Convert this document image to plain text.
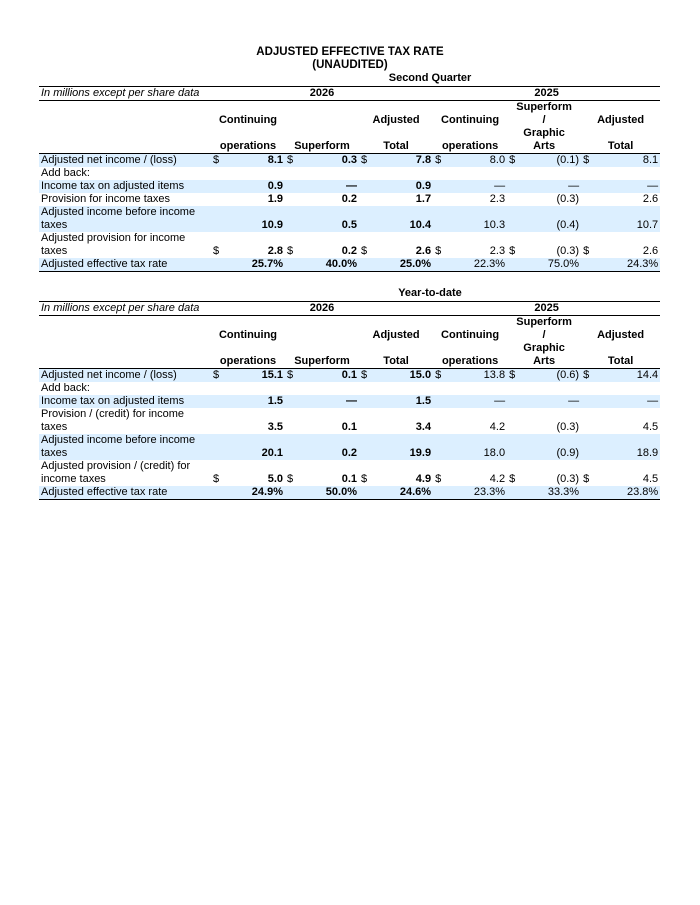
ADJUSTED EFFECTIVE TAX RATE
(UNAUDITED)
Second Quarter
In millions except per share data	2026						2025					
									Superform			
	Continuing				Adjusted		Continuing		/		Adjusted	
									Graphic			
	operations		Superform		Total		operations		Arts		Total	
Adjusted net income / (loss)	$	8.1	$	0.3	$	7.8	$	8.0	$	(0.1)	$	8.1
Add back:												
Income tax on adjusted items		0.9		—		0.9		—		—		—
Provision for income taxes		1.9		0.2		1.7		2.3		(0.3)		2.6
Adjusted income before income taxes		10.9		0.5		10.4		10.3		(0.4)		10.7
Adjusted provision for income taxes	$	2.8	$	0.2	$	2.6	$	2.3	$	(0.3)	$	2.6
Adjusted effective tax rate		25.7%		40.0%		25.0%		22.3%		75.0%		24.3%
Year-to-date
In millions except per share data	2026						2025					
									Superform			
	Continuing				Adjusted		Continuing		/		Adjusted	
									Graphic			
	operations		Superform		Total		operations		Arts		Total	
Adjusted net income / (loss)	$	15.1	$	0.1	$	15.0	$	13.8	$	(0.6)	$	14.4
Add back:												
Income tax on adjusted items		1.5		—		1.5		—		—		—
Provision / (credit) for income taxes		3.5		0.1		3.4		4.2		(0.3)		4.5
Adjusted income before income taxes		20.1		0.2		19.9		18.0		(0.9)		18.9
Adjusted provision / (credit) for income taxes	$	5.0	$	0.1	$	4.9	$	4.2	$	(0.3)	$	4.5
Adjusted effective tax rate		24.9%		50.0%		24.6%		23.3%		33.3%		23.8%
